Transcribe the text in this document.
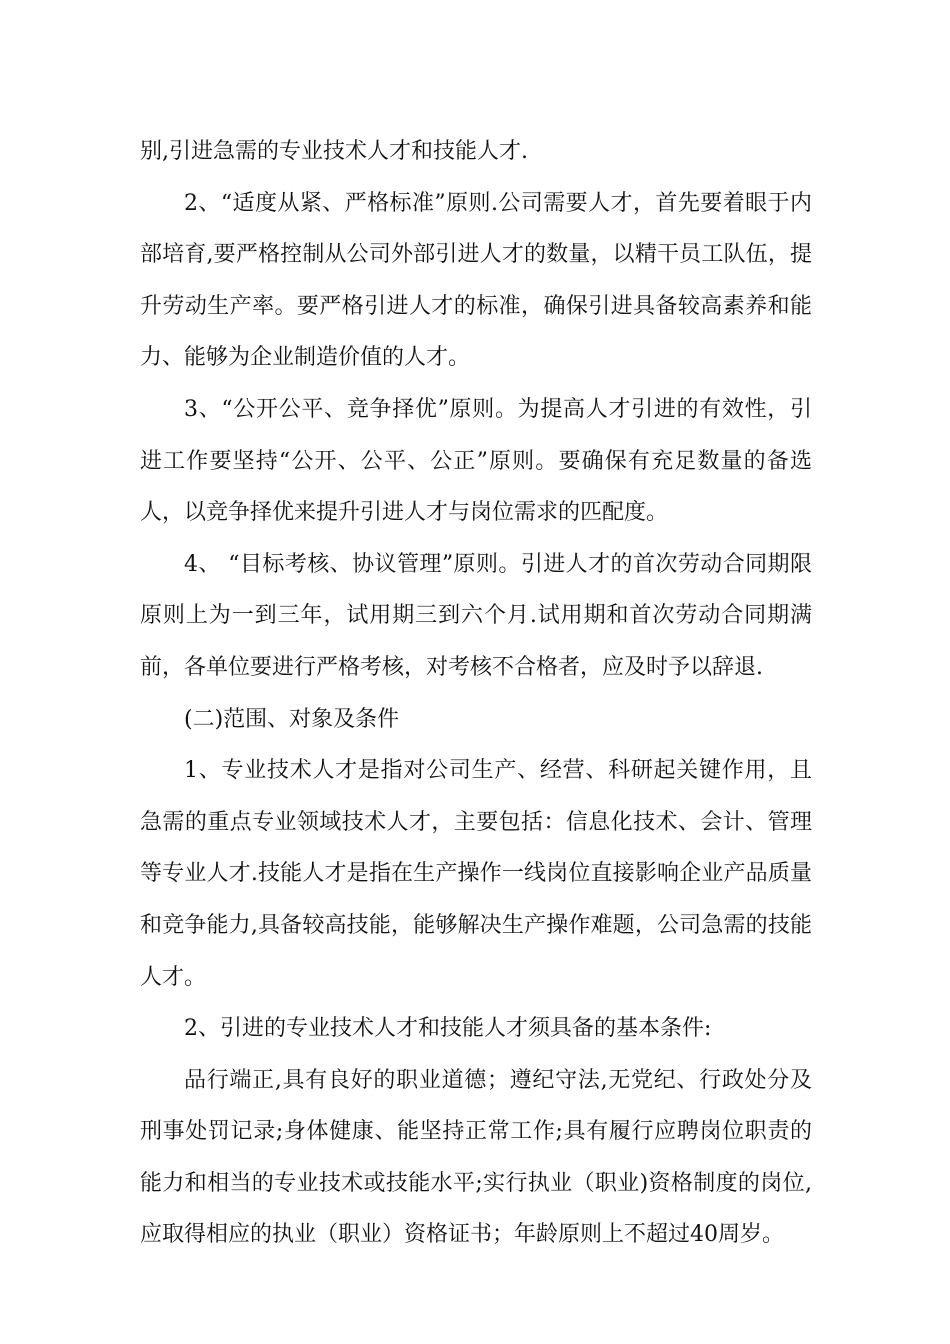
别,引进急需的专业技术人才和技能人才.

2、“适度从紧、严格标准”原则.公司需要人才，首先要着眼于内部培育,要严格控制从公司外部引进人才的数量，以精干员工队伍，提升劳动生产率。要严格引进人才的标准，确保引进具备较高素养和能力、能够为企业制造价值的人才。

3、“公开公平、竞争择优”原则。为提高人才引进的有效性，引进工作要坚持“公开、公平、公正”原则。要确保有充足数量的备选人，以竞争择优来提升引进人才与岗位需求的匹配度。

4、 “目标考核、协议管理”原则。引进人才的首次劳动合同期限原则上为一到三年，试用期三到六个月.试用期和首次劳动合同期满前，各单位要进行严格考核，对考核不合格者，应及时予以辞退.

(二)范围、对象及条件

1、专业技术人才是指对公司生产、经营、科研起关键作用，且急需的重点专业领域技术人才，主要包括：信息化技术、会计、管理等专业人才.技能人才是指在生产操作一线岗位直接影响企业产品质量和竞争能力,具备较高技能，能够解决生产操作难题，公司急需的技能人才。

2、引进的专业技术人才和技能人才须具备的基本条件:

品行端正,具有良好的职业道德；遵纪守法,无党纪、行政处分及刑事处罚记录;身体健康、能坚持正常工作;具有履行应聘岗位职责的能力和相当的专业技术或技能水平;实行执业（职业)资格制度的岗位,应取得相应的执业（职业）资格证书；年龄原则上不超过40周岁。
